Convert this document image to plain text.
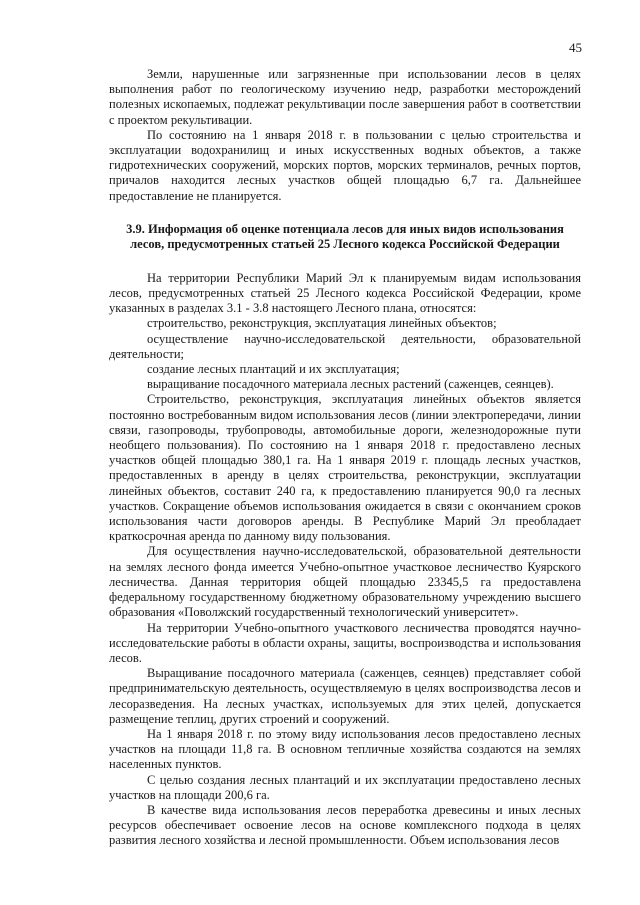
45

Земли, нарушенные или загрязненные при использовании лесов в целях выполнения работ по геологическому изучению недр, разработки месторождений полезных ископаемых, подлежат рекультивации после завершения работ в соответствии с проектом рекультивации.

По состоянию на 1 января 2018 г. в пользовании с целью строительства и эксплуатации водохранилищ и иных искусственных водных объектов, а также гидротехнических сооружений, морских портов, морских терминалов, речных портов, причалов находится лесных участков общей площадью 6,7 га. Дальнейшее предоставление не планируется.

3.9. Информация об оценке потенциала лесов для иных видов использования лесов, предусмотренных статьей 25 Лесного кодекса Российской Федерации

На территории Республики Марий Эл к планируемым видам использования лесов, предусмотренных статьей 25 Лесного кодекса Российской Федерации, кроме указанных в разделах 3.1 - 3.8 настоящего Лесного плана, относятся:

строительство, реконструкция, эксплуатация линейных объектов;

осуществление научно-исследовательской деятельности, образовательной деятельности;

создание лесных плантаций и их эксплуатация;

выращивание посадочного материала лесных растений (саженцев, сеянцев).

Строительство, реконструкция, эксплуатация линейных объектов является постоянно востребованным видом использования лесов (линии электропередачи, линии связи, газопроводы, трубопроводы, автомобильные дороги, железнодорожные пути необщего пользования). По состоянию на 1 января 2018 г. предоставлено лесных участков общей площадью 380,1 га. На 1 января 2019 г. площадь лесных участков, предоставленных в аренду в целях строительства, реконструкции, эксплуатации линейных объектов, составит 240 га, к предоставлению планируется 90,0 га лесных участков. Сокращение объемов использования ожидается в связи с окончанием сроков использования части договоров аренды. В Республике Марий Эл преобладает краткосрочная аренда по данному виду пользования.

Для осуществления научно-исследовательской, образовательной деятельности на землях лесного фонда имеется Учебно-опытное участковое лесничество Куярского лесничества. Данная территория общей площадью 23345,5 га предоставлена федеральному государственному бюджетному образовательному учреждению высшего образования «Поволжский государственный технологический университет».

На территории Учебно-опытного участкового лесничества проводятся научно-исследовательские работы в области охраны, защиты, воспроизводства и использования лесов.

Выращивание посадочного материала (саженцев, сеянцев) представляет собой предпринимательскую деятельность, осуществляемую в целях воспроизводства лесов и лесоразведения. На лесных участках, используемых для этих целей, допускается размещение теплиц, других строений и сооружений.

На 1 января 2018 г. по этому виду использования лесов предоставлено лесных участков на площади 11,8 га. В основном тепличные хозяйства создаются на землях населенных пунктов.

С целью создания лесных плантаций и их эксплуатации предоставлено лесных участков на площади 200,6 га.

В качестве вида использования лесов переработка древесины и иных лесных ресурсов обеспечивает освоение лесов на основе комплексного подхода в целях развития лесного хозяйства и лесной промышленности. Объем использования лесов
